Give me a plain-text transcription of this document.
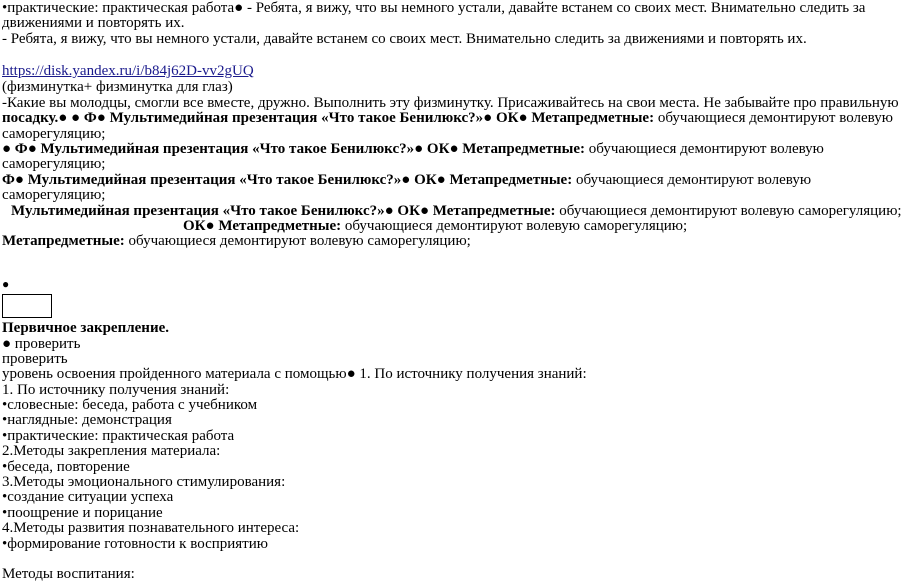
•практические: практическая работа● - Ребята, я вижу, что вы немного устали, давайте встанем со своих мест. Внимательно следить за
движениями и повторять их.
- Ребята, я вижу, что вы немного устали, давайте встанем со своих мест. Внимательно следить за движениями и повторять их.
https://disk.yandex.ru/i/b84j62D-vv2gUQ
(физминутка+ физминутка для глаз)
-Какие вы молодцы, смогли все вместе, дружно. Выполнить эту физминутку. Присаживайтесь на свои места. Не забывайте про правильную
посадку.● ● Ф● Мультимедийная презентация «Что такое Бенилюкс?»● ОК● Метапредметные: обучающиеся демонтируют волевую
саморегуляцию;
● Ф● Мультимедийная презентация «Что такое Бенилюкс?»● ОК● Метапредметные: обучающиеся демонтируют волевую
саморегуляцию;
Ф● Мультимедийная презентация «Что такое Бенилюкс?»● ОК● Метапредметные: обучающиеся демонтируют волевую
саморегуляцию;
Мультимедийная презентация «Что такое Бенилюкс?»● ОК● Метапредметные: обучающиеся демонтируют волевую саморегуляцию;
ОК● Метапредметные: обучающиеся демонтируют волевую саморегуляцию;
Метапредметные: обучающиеся демонтируют волевую саморегуляцию;
●
Первичное закрепление.
● проверить
проверить
уровень освоения пройденного материала с помощью● 1. По источнику получения знаний:
1. По источнику получения знаний:
•словесные: беседа, работа с учебником
•наглядные: демонстрация
•практические: практическая работа
2.Методы закрепления материала:
•беседа, повторение
3.Методы эмоционального стимулирования:
•создание ситуации успеха
•поощрение и порицание
4.Методы развития познавательного интереса:
•формирование готовности к восприятию
Методы воспитания:
